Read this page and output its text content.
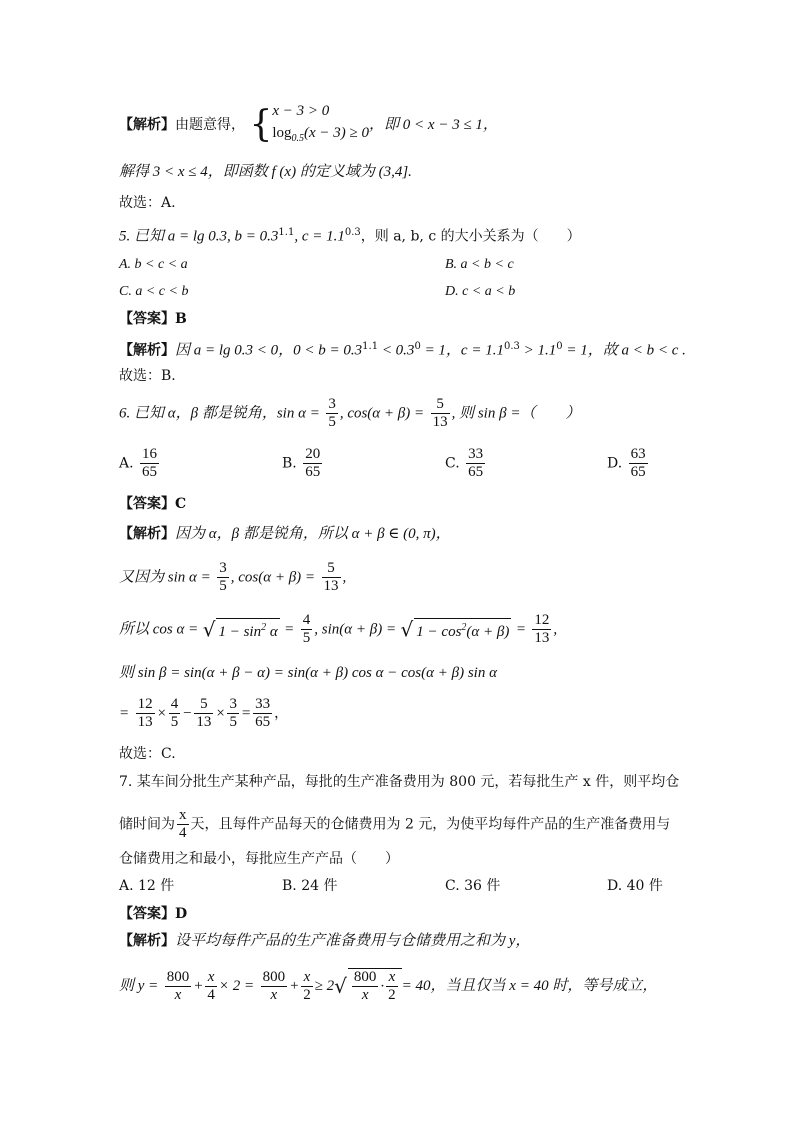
【解析】由题意得， {x − 3 > 0
$\log_{0.5}(x - 3) \ge 0$，即 0 < x − 3 ≤ 1，
解得 3 < x ≤ 4，即函数 f (x) 的定义域为 (3,4].
故选：A.
5. 已知 a = lg 0.3, $b = 0.3^{1.1}$, $c = 1.1^{0.3}$，则 a, b, c 的大小关系为（　　）
A. b < c < a	B. a < b < c
C. a < c < b	D. c < a < b
【答案】B
【解析】因 a = lg 0.3 < 0，$0 < b = 0.3^{1.1} < 0.3^0 = 1$，$c = 1.1^{0.3} > 1.1^0 = 1$，故 a < b < c .
故选：B.
6. 已知 α，β 都是锐角，$\sin \alpha = \frac{3}{5}$ , $\cos(\alpha + \beta) = \frac{5}{13}$ , 则 sin β =（　　）
A. $\frac{16}{65}$	B. $\frac{20}{65}$	C. $\frac{33}{65}$	D. $\frac{63}{65}$
【答案】C
【解析】因为 α，β 都是锐角，所以 α + β ∈ (0, π)，
又因为 $\sin \alpha = \frac{3}{5}$ , $\cos(\alpha + \beta) = \frac{5}{13}$ ,
所以 cos α = √ $1 - \sin^2 \alpha = \frac{4}{5}$ , sin(α + β) = √ $1 - \cos^2(\alpha + \beta) = \frac{12}{13}$ ,
则 sin β = sin(α + β − α) = sin(α + β) cos α − cos(α + β) sin α
= $\frac{12}{13} \times \frac{4}{5} - \frac{5}{13} \times \frac{3}{5} = \frac{33}{65}$ ，
故选：C.
7. 某车间分批生产某种产品，每批的生产准备费用为 800 元，若每批生产 x 件，则平均仓
储时间为 $\frac{x}{4}$ 天，且每件产品每天的仓储费用为 2 元，为使平均每件产品的生产准备费用与
仓储费用之和最小，每批应生产产品（　　）
A. 12 件	B. 24 件	C. 36 件	D. 40 件
【答案】D
【解析】设平均每件产品的生产准备费用与仓储费用之和为 y，
则 $y = \frac{800}{x} + \frac{x}{4} \times 2 = \frac{800}{x} + \frac{x}{2} \ge 2√ \frac{800}{x} \cdot \frac{x}{2} = 40$，当且仅当 x = 40 时，等号成立，
